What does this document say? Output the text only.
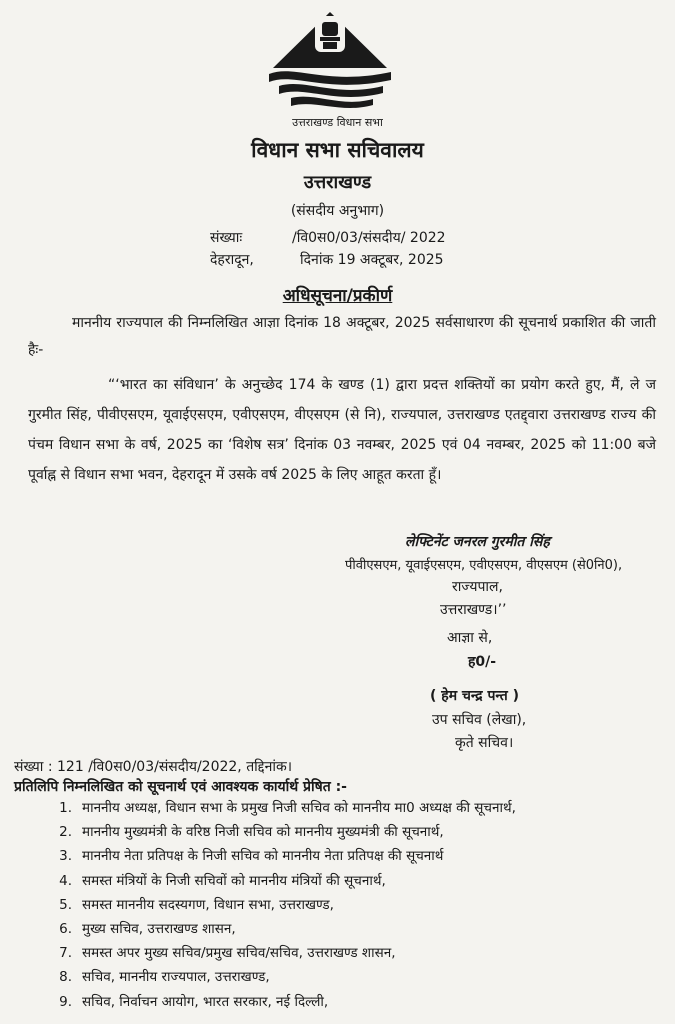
उत्तराखण्ड विधान सभा
विधान सभा सचिवालय
उत्तराखण्ड
(संसदीय अनुभाग)
संख्याः	/वि0स0/03/संसदीय/ 2022
देहरादून,	दिनांक 19 अक्टूबर, 2025
अधिसूचना/प्रकीर्ण
माननीय राज्यपाल की निम्नलिखित आज्ञा दिनांक 18 अक्टूबर, 2025 सर्वसाधारण की सूचनार्थ प्रकाशित की जाती हैः-
“‘भारत का संविधान’ के अनुच्छेद 174 के खण्ड (1) द्वारा प्रदत्त शक्तियों का प्रयोग करते हुए, मैं, ले ज गुरमीत सिंह, पीवीएसएम, यूवाईएसएम, एवीएसएम, वीएसएम (से नि), राज्यपाल, उत्तराखण्ड एतद्द्वारा उत्तराखण्ड राज्य की पंचम विधान सभा के वर्ष, 2025 का ‘विशेष सत्र’ दिनांक 03 नवम्बर, 2025 एवं 04 नवम्बर, 2025 को 11:00 बजे पूर्वाह्न से विधान सभा भवन, देहरादून में उसके वर्ष 2025 के लिए आहूत करता हूँ।
लेफ्टिनेंट जनरल गुरमीत सिंह
पीवीएसएम, यूवाईएसएम, एवीएसएम, वीएसएम (से0नि0),
राज्यपाल,
उत्तराखण्ड।’’
आज्ञा से,
ह0/-
( हेम चन्द्र पन्त )
उप सचिव (लेखा),
कृते सचिव।
संख्या : 121 /वि0स0/03/संसदीय/2022, तद्दिनांक।
प्रतिलिपि निम्नलिखित को सूचनार्थ एवं आवश्यक कार्यार्थ प्रेषित :-
1. माननीय अध्यक्ष, विधान सभा के प्रमुख निजी सचिव को माननीय मा0 अध्यक्ष की सूचनार्थ,
2. माननीय मुख्यमंत्री के वरिष्ठ निजी सचिव को माननीय मुख्यमंत्री की सूचनार्थ,
3. माननीय नेता प्रतिपक्ष के निजी सचिव को माननीय नेता प्रतिपक्ष की सूचनार्थ
4. समस्त मंत्रियों के निजी सचिवों को माननीय मंत्रियों की सूचनार्थ,
5. समस्त माननीय सदस्यगण, विधान सभा, उत्तराखण्ड,
6. मुख्य सचिव, उत्तराखण्ड शासन,
7. समस्त अपर मुख्य सचिव/प्रमुख सचिव/सचिव, उत्तराखण्ड शासन,
8. सचिव, माननीय राज्यपाल, उत्तराखण्ड,
9. सचिव, निर्वाचन आयोग, भारत सरकार, नई दिल्ली,
